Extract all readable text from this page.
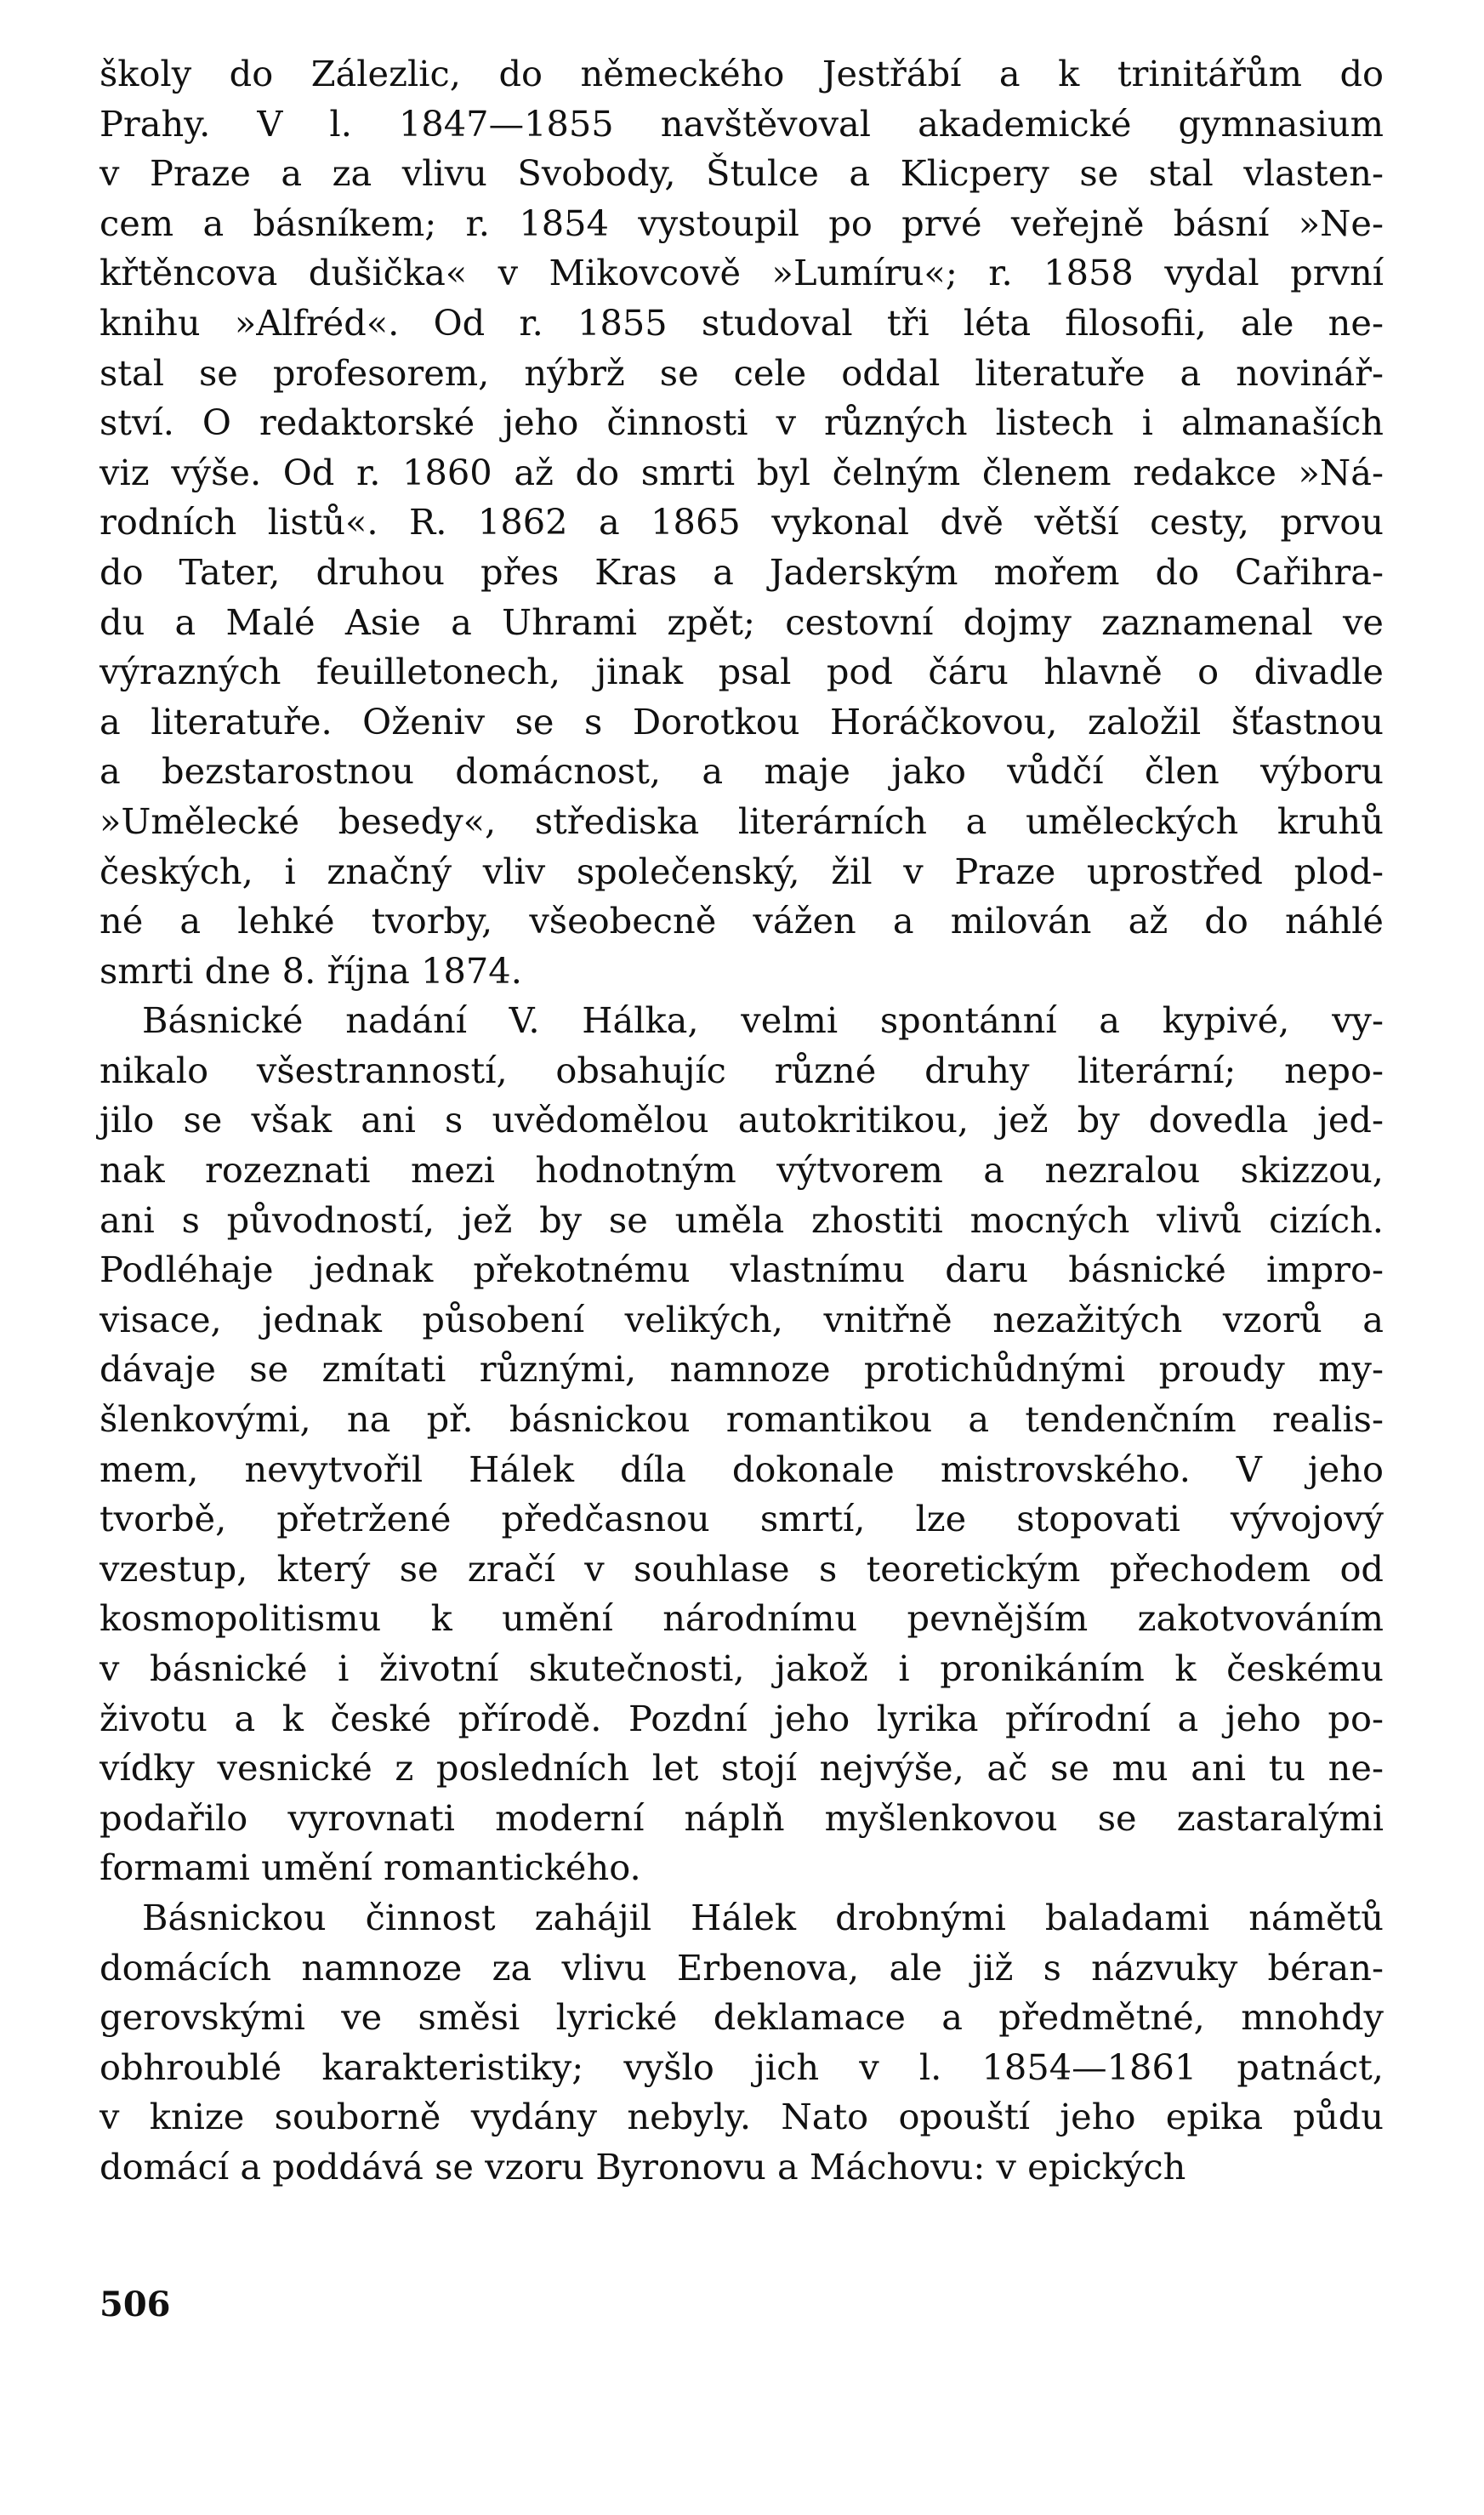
školy do Zálezlic, do německého Jestřábí a k trinitářům do
Prahy. V l. 1847—1855 navštěvoval akademické gymnasium
v Praze a za vlivu Svobody, Štulce a Klicpery se stal vlasten-
cem a básníkem; r. 1854 vystoupil po prvé veřejně básní »Ne-
křtěncova dušička« v Mikovcově »Lumíru«; r. 1858 vydal první
knihu »Alfréd«. Od r. 1855 studoval tři léta filosofii, ale ne-
stal se profesorem, nýbrž se cele oddal literatuře a novinář-
ství. O redaktorské jeho činnosti v různých listech i almanaších
viz výše. Od r. 1860 až do smrti byl čelným členem redakce »Ná-
rodních listů«. R. 1862 a 1865 vykonal dvě větší cesty, prvou
do Tater, druhou přes Kras a Jaderským mořem do Cařihra-
du a Malé Asie a Uhrami zpět; cestovní dojmy zaznamenal ve
výrazných feuilletonech, jinak psal pod čáru hlavně o divadle
a literatuře. Oženiv se s Dorotkou Horáčkovou, založil šťastnou
a bezstarostnou domácnost, a maje jako vůdčí člen výboru
»Umělecké besedy«, střediska literárních a uměleckých kruhů
českých, i značný vliv společenský, žil v Praze uprostřed plod-
né a lehké tvorby, všeobecně vážen a milován až do náhlé
smrti dne 8. října 1874.
Básnické nadání V. Hálka, velmi spontánní a kypivé, vy-
nikalo všestranností, obsahujíc různé druhy literární; nepo-
jilo se však ani s uvědomělou autokritikou, jež by dovedla jed-
nak rozeznati mezi hodnotným výtvorem a nezralou skizzou,
ani s původností, jež by se uměla zhostiti mocných vlivů cizích.
Podléhaje jednak překotnému vlastnímu daru básnické impro-
visace, jednak působení velikých, vnitřně nezažitých vzorů a
dávaje se zmítati různými, namnoze protichůdnými proudy my-
šlenkovými, na př. básnickou romantikou a tendenčním realis-
mem, nevytvořil Hálek díla dokonale mistrovského. V jeho
tvorbě, přetržené předčasnou smrtí, lze stopovati vývojový
vzestup, který se zračí v souhlase s teoretickým přechodem od
kosmopolitismu k umění národnímu pevnějším zakotvováním
v básnické i životní skutečnosti, jakož i pronikáním k českému
životu a k české přírodě. Pozdní jeho lyrika přírodní a jeho po-
vídky vesnické z posledních let stojí nejvýše, ač se mu ani tu ne-
podařilo vyrovnati moderní náplň myšlenkovou se zastaralými
formami umění romantického.
Básnickou činnost zahájil Hálek drobnými baladami námětů
domácích namnoze za vlivu Erbenova, ale již s názvuky béran-
gerovskými ve směsi lyrické deklamace a předmětné, mnohdy
obhroublé karakteristiky; vyšlo jich v l. 1854—1861 patnáct,
v knize souborně vydány nebyly. Nato opouští jeho epika půdu
domácí a poddává se vzoru Byronovu a Máchovu: v epických
506
